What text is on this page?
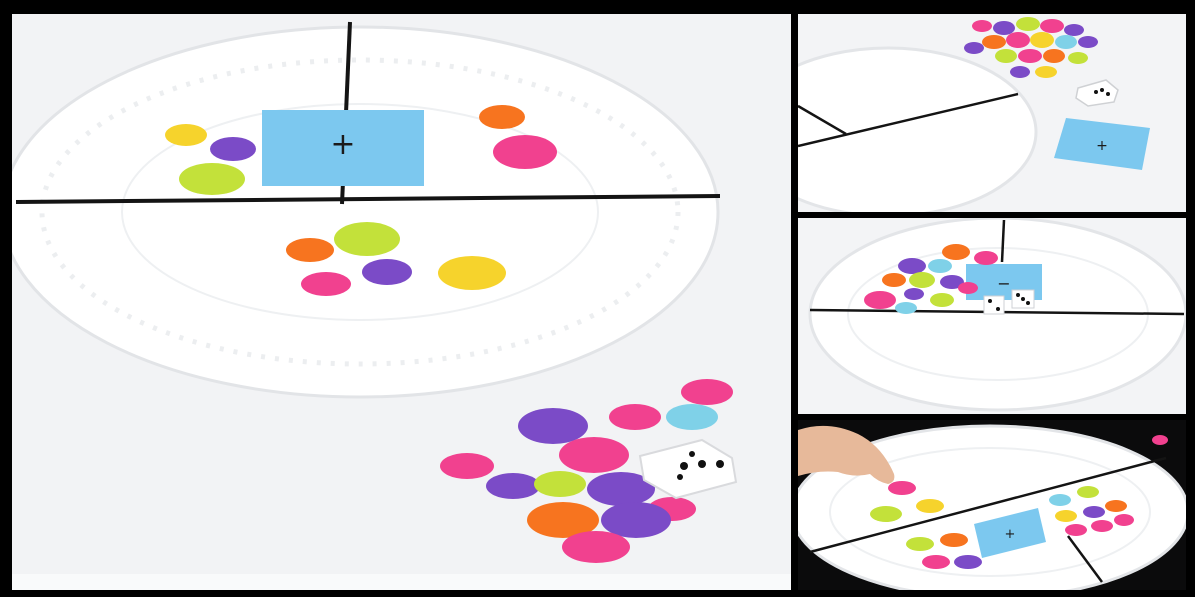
+	+
−
+
